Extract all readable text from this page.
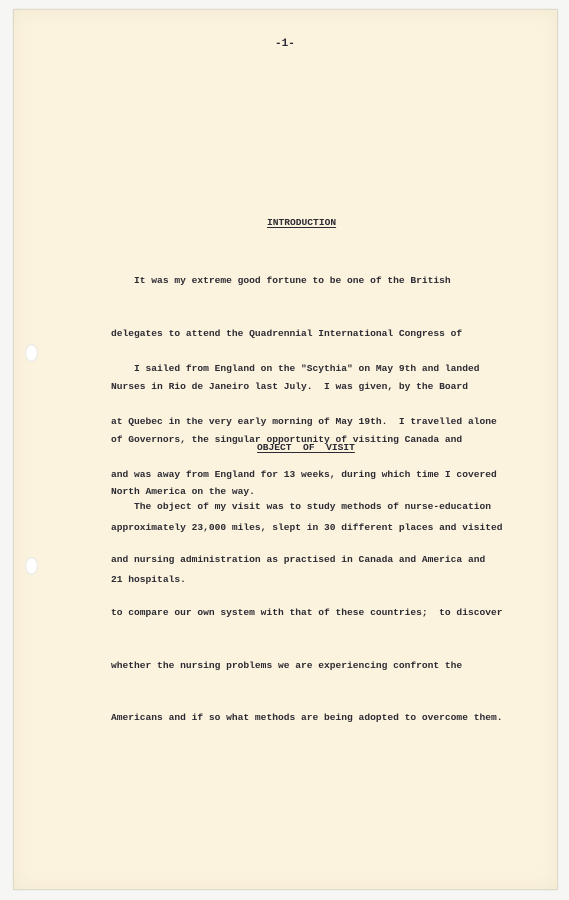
-1-
INTRODUCTION

It was my extreme good fortune to be one of the British

delegates to attend the Quadrennial International Congress of

Nurses in Rio de Janeiro last July.  I was given, by the Board

of Governors, the singular opportunity of visiting Canada and

North America on the way.

I sailed from England on the "Scythia" on May 9th and landed

at Quebec in the very early morning of May 19th.  I travelled alone

and was away from England for 13 weeks, during which time I covered

approximately 23,000 miles, slept in 30 different places and visited

21 hospitals.

OBJECT  OF  VISIT

The object of my visit was to study methods of nurse-education

and nursing administration as practised in Canada and America and

to compare our own system with that of these countries;  to discover

whether the nursing problems we are experiencing confront the

Americans and if so what methods are being adopted to overcome them.
